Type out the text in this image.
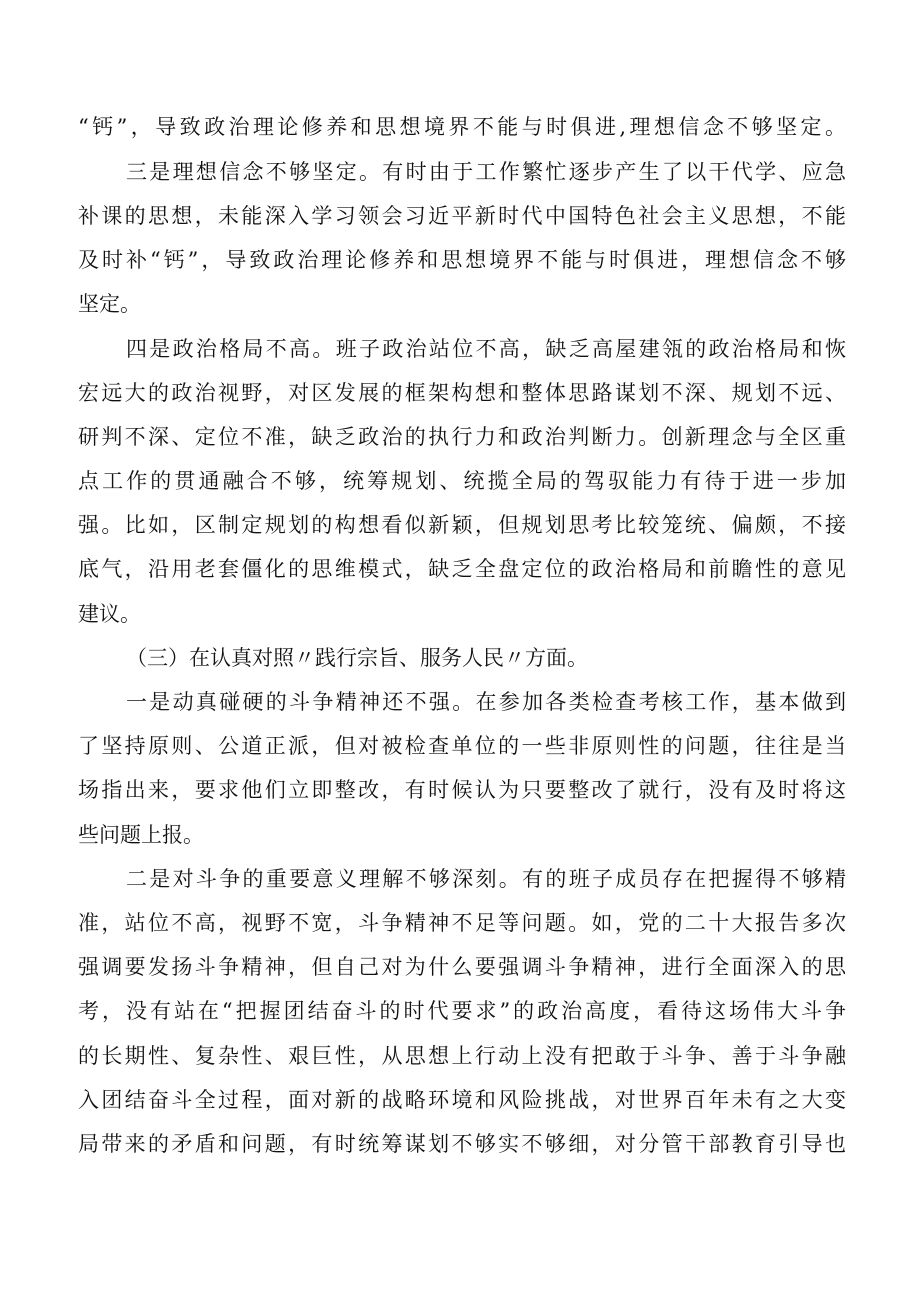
“钙”，导致政治理论修养和思想境界不能与时俱进,理想信念不够坚定。
三是理想信念不够坚定。有时由于工作繁忙逐步产生了以干代学、应急
补课的思想，未能深入学习领会习近平新时代中国特色社会主义思想，不能
及时补“钙”，导致政治理论修养和思想境界不能与时俱进，理想信念不够
坚定。
四是政治格局不高。班子政治站位不高，缺乏高屋建瓴的政治格局和恢
宏远大的政治视野，对区发展的框架构想和整体思路谋划不深、规划不远、
研判不深、定位不准，缺乏政治的执行力和政治判断力。创新理念与全区重
点工作的贯通融合不够，统筹规划、统揽全局的驾驭能力有待于进一步加
强。比如，区制定规划的构想看似新颖，但规划思考比较笼统、偏颇，不接
底气，沿用老套僵化的思维模式，缺乏全盘定位的政治格局和前瞻性的意见
建议。
（三）在认真对照〃践行宗旨、服务人民〃方面。
一是动真碰硬的斗争精神还不强。在参加各类检查考核工作，基本做到
了坚持原则、公道正派，但对被检查单位的一些非原则性的问题，往往是当
场指出来，要求他们立即整改，有时候认为只要整改了就行，没有及时将这
些问题上报。
二是对斗争的重要意义理解不够深刻。有的班子成员存在把握得不够精
准，站位不高，视野不宽，斗争精神不足等问题。如，党的二十大报告多次
强调要发扬斗争精神，但自己对为什么要强调斗争精神，进行全面深入的思
考，没有站在“把握团结奋斗的时代要求”的政治高度，看待这场伟大斗争
的长期性、复杂性、艰巨性，从思想上行动上没有把敢于斗争、善于斗争融
入团结奋斗全过程，面对新的战略环境和风险挑战，对世界百年未有之大变
局带来的矛盾和问题，有时统筹谋划不够实不够细，对分管干部教育引导也
